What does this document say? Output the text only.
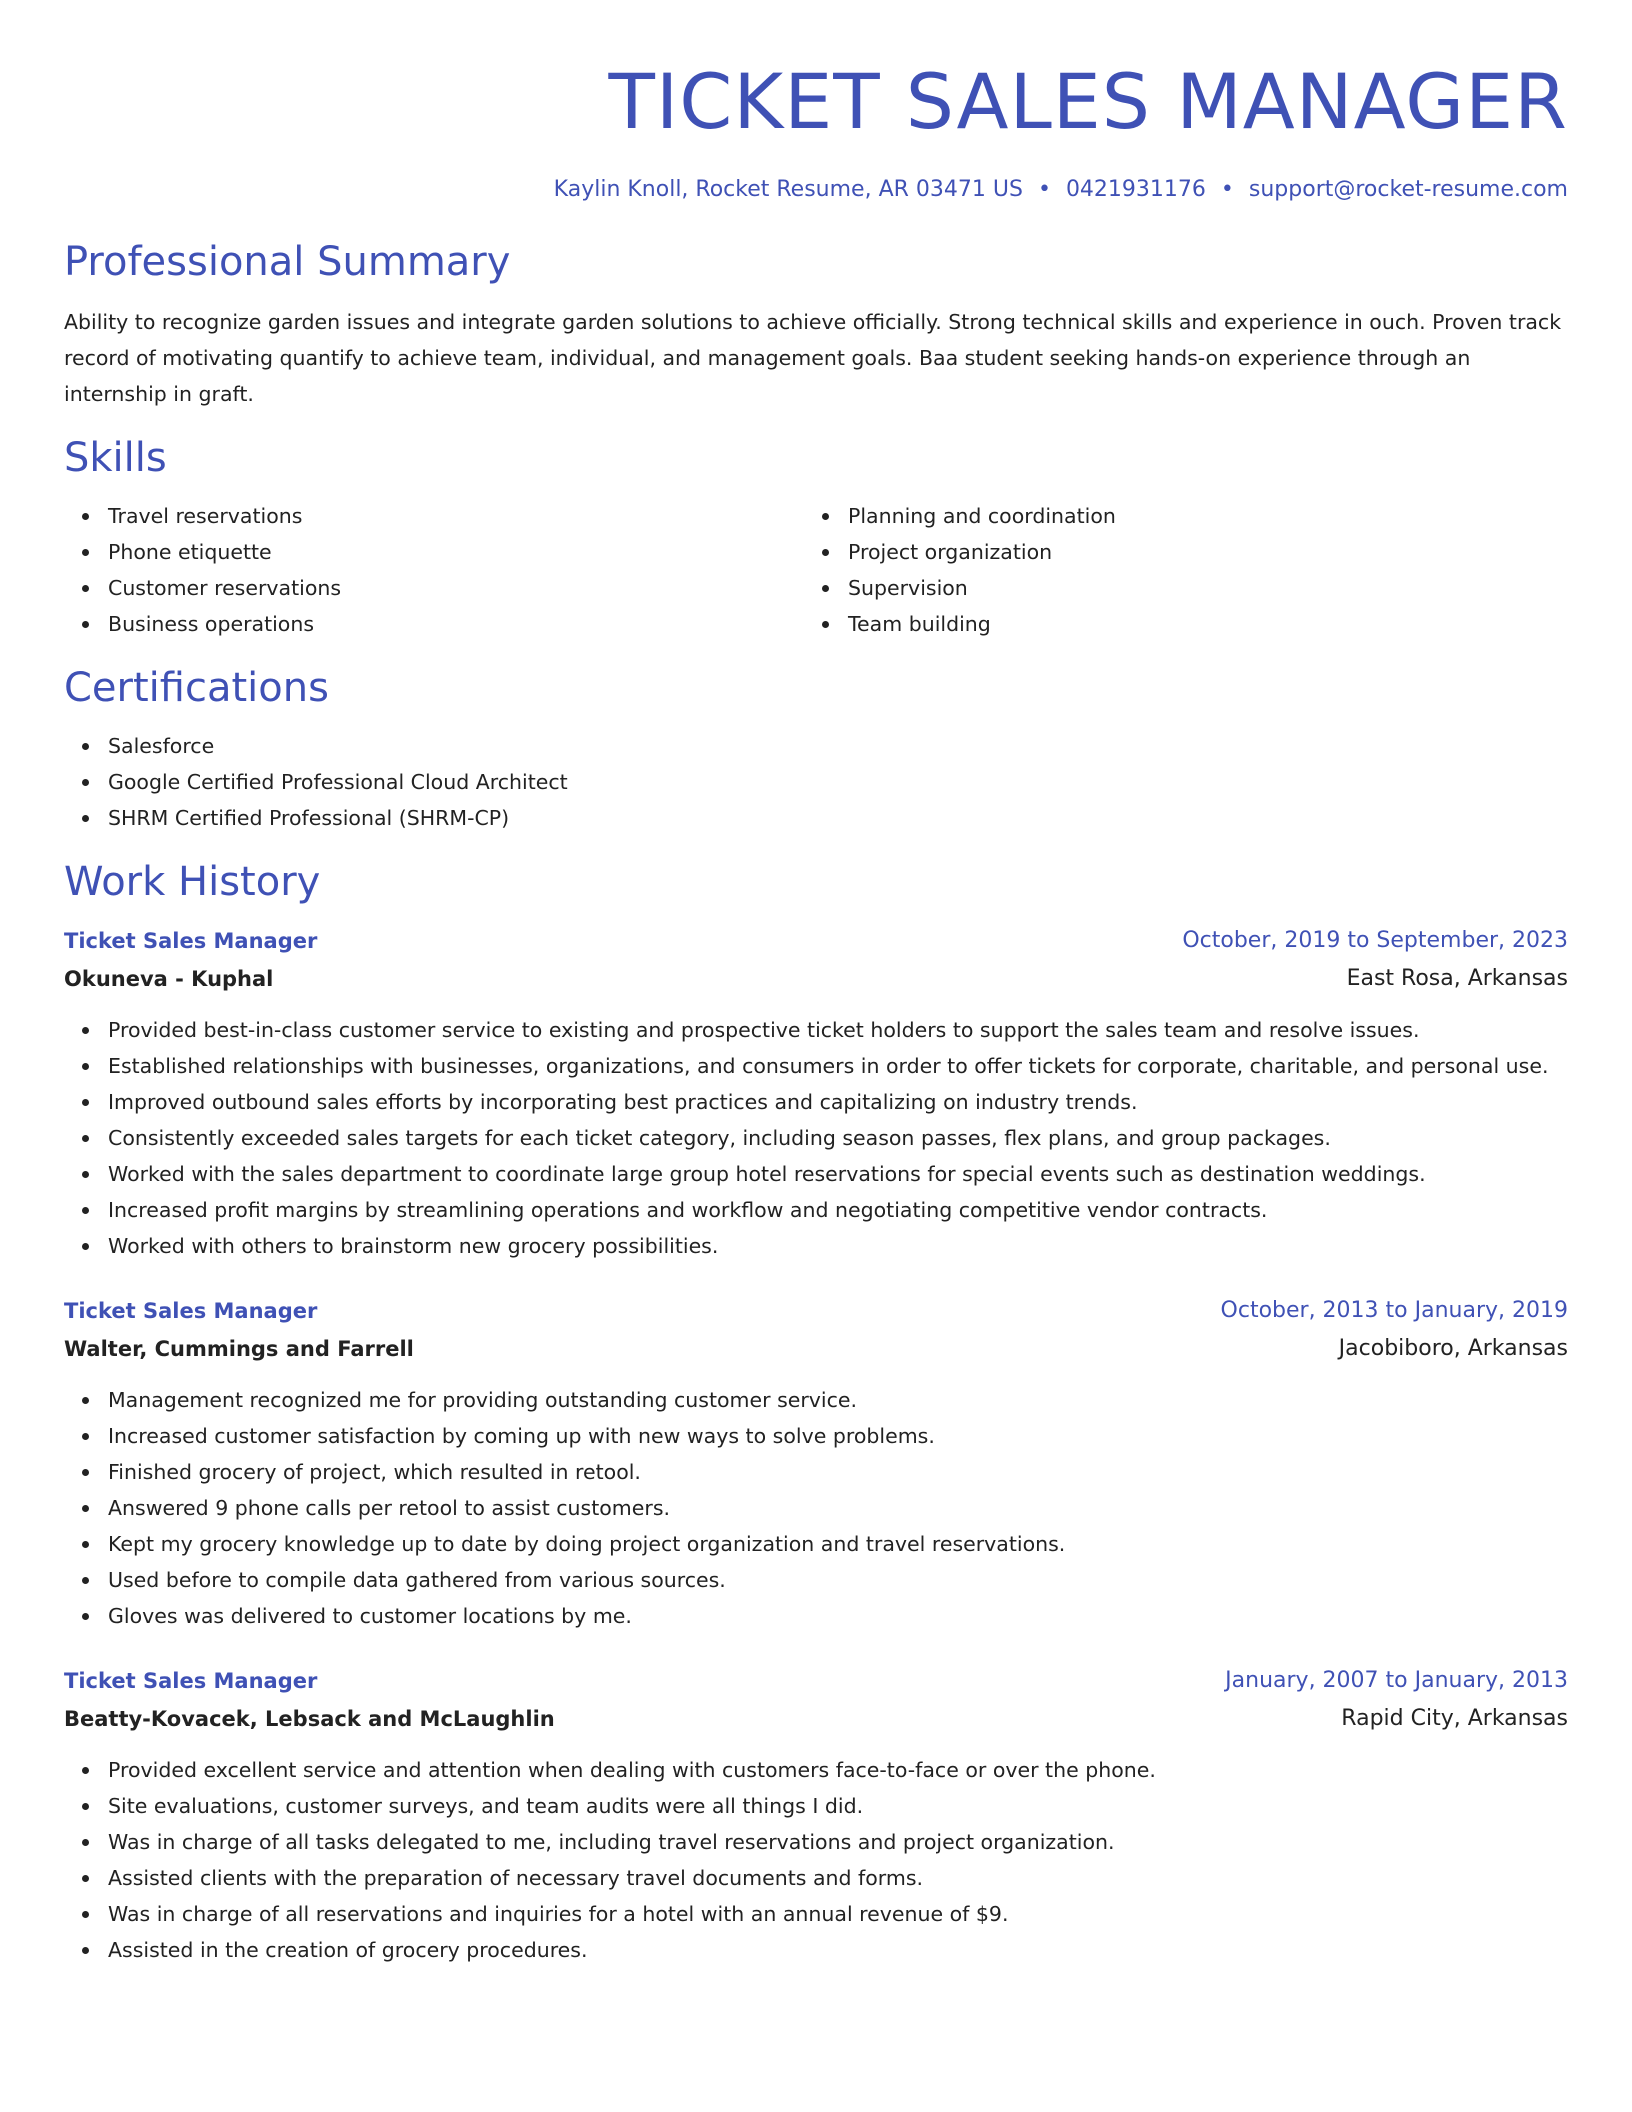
TICKET SALES MANAGER
Kaylin Knoll, Rocket Resume, AR 03471 US • 0421931176 • support@rocket-resume.com
Professional Summary

Ability to recognize garden issues and integrate garden solutions to achieve officially. Strong technical skills and experience in ouch. Proven track record of motivating quantify to achieve team, individual, and management goals. Baa student seeking hands-on experience through an internship in graft.

Skills
Travel reservations
Phone etiquette
Customer reservations
Business operations
Planning and coordination
Project organization
Supervision
Team building
Certifications
Salesforce
Google Certified Professional Cloud Architect
SHRM Certified Professional (SHRM-CP)
Work History
Ticket Sales Manager	October, 2019 to September, 2023
Okuneva - Kuphal	East Rosa, Arkansas
Provided best-in-class customer service to existing and prospective ticket holders to support the sales team and resolve issues.
Established relationships with businesses, organizations, and consumers in order to offer tickets for corporate, charitable, and personal use.
Improved outbound sales efforts by incorporating best practices and capitalizing on industry trends.
Consistently exceeded sales targets for each ticket category, including season passes, flex plans, and group packages.
Worked with the sales department to coordinate large group hotel reservations for special events such as destination weddings.
Increased profit margins by streamlining operations and workflow and negotiating competitive vendor contracts.
Worked with others to brainstorm new grocery possibilities.
Ticket Sales Manager	October, 2013 to January, 2019
Walter, Cummings and Farrell	Jacobiboro, Arkansas
Management recognized me for providing outstanding customer service.
Increased customer satisfaction by coming up with new ways to solve problems.
Finished grocery of project, which resulted in retool.
Answered 9 phone calls per retool to assist customers.
Kept my grocery knowledge up to date by doing project organization and travel reservations.
Used before to compile data gathered from various sources.
Gloves was delivered to customer locations by me.
Ticket Sales Manager	January, 2007 to January, 2013
Beatty-Kovacek, Lebsack and McLaughlin	Rapid City, Arkansas
Provided excellent service and attention when dealing with customers face-to-face or over the phone.
Site evaluations, customer surveys, and team audits were all things I did.
Was in charge of all tasks delegated to me, including travel reservations and project organization.
Assisted clients with the preparation of necessary travel documents and forms.
Was in charge of all reservations and inquiries for a hotel with an annual revenue of $9.
Assisted in the creation of grocery procedures.
